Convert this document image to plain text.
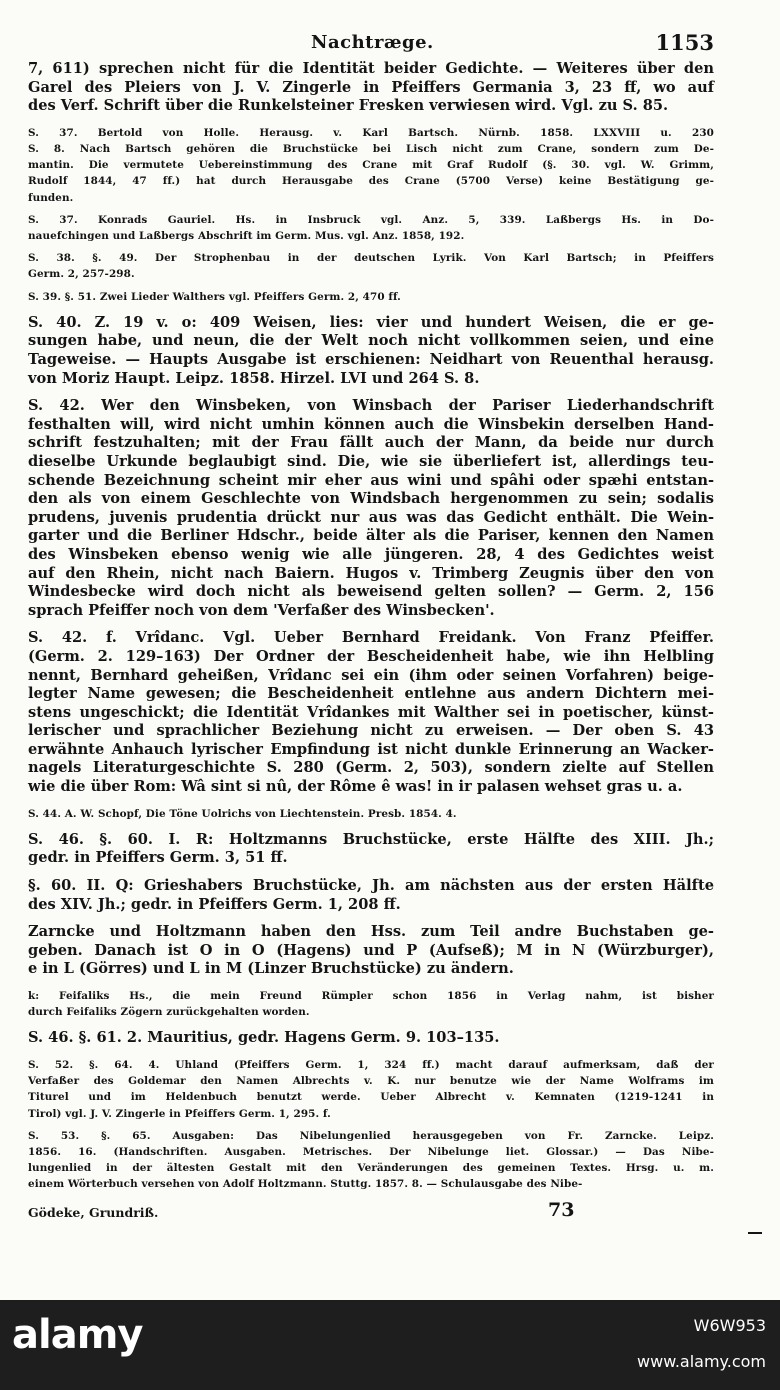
Nachtræge.	1153

7, 611) sprechen nicht für die Identität beider Gedichte. — Weiteres über den

Garel des Pleiers von J. V. Zingerle in Pfeiffers Germania 3, 23 ff, wo auf

des Verf. Schrift über die Runkelsteiner Fresken verwiesen wird. Vgl. zu S. 85.

S. 37. Bertold von Holle. Herausg. v. Karl Bartsch. Nürnb. 1858. LXXVIII u. 230

S. 8. Nach Bartsch gehören die Bruchstücke bei Lisch nicht zum Crane, sondern zum De-

mantin. Die vermutete Uebereinstimmung des Crane mit Graf Rudolf (§. 30. vgl. W. Grimm,

Rudolf 1844, 47 ff.) hat durch Herausgabe des Crane (5700 Verse) keine Bestätigung ge-

funden.

S. 37. Konrads Gauriel. Hs. in Insbruck vgl. Anz. 5, 339. Laßbergs Hs. in Do-

nauefchingen und Laßbergs Abschrift im Germ. Mus. vgl. Anz. 1858, 192.

S. 38. §. 49. Der Strophenbau in der deutschen Lyrik. Von Karl Bartsch; in Pfeiffers

Germ. 2, 257-298.

S. 39. §. 51. Zwei Lieder Walthers vgl. Pfeiffers Germ. 2, 470 ff.

S. 40. Z. 19 v. o: 409 Weisen, lies: vier und hundert Weisen, die er ge-

sungen habe, und neun, die der Welt noch nicht vollkommen seien, und eine

Tageweise. — Haupts Ausgabe ist erschienen: Neidhart von Reuenthal herausg.

von Moriz Haupt. Leipz. 1858. Hirzel. LVI und 264 S. 8.

S. 42. Wer den Winsbeken, von Winsbach der Pariser Liederhandschrift

festhalten will, wird nicht umhin können auch die Winsbekin derselben Hand-

schrift festzuhalten; mit der Frau fällt auch der Mann, da beide nur durch

dieselbe Urkunde beglaubigt sind. Die, wie sie überliefert ist, allerdings teu-

schende Bezeichnung scheint mir eher aus wini und spâhi oder spæhi entstan-

den als von einem Geschlechte von Windsbach hergenommen zu sein; sodalis

prudens, juvenis prudentia drückt nur aus was das Gedicht enthält. Die Wein-

garter und die Berliner Hdschr., beide älter als die Pariser, kennen den Namen

des Winsbeken ebenso wenig wie alle jüngeren. 28, 4 des Gedichtes weist

auf den Rhein, nicht nach Baiern. Hugos v. Trimberg Zeugnis über den von

Windesbecke wird doch nicht als beweisend gelten sollen? — Germ. 2, 156

sprach Pfeiffer noch von dem 'Verfaßer des Winsbecken'.

S. 42. f. Vrîdanc. Vgl. Ueber Bernhard Freidank. Von Franz Pfeiffer.

(Germ. 2. 129–163) Der Ordner der Bescheidenheit habe, wie ihn Helbling

nennt, Bernhard geheißen, Vrîdanc sei ein (ihm oder seinen Vorfahren) beige-

legter Name gewesen; die Bescheidenheit entlehne aus andern Dichtern mei-

stens ungeschickt; die Identität Vrîdankes mit Walther sei in poetischer, künst-

lerischer und sprachlicher Beziehung nicht zu erweisen. — Der oben S. 43

erwähnte Anhauch lyrischer Empfindung ist nicht dunkle Erinnerung an Wacker-

nagels Literaturgeschichte S. 280 (Germ. 2, 503), sondern zielte auf Stellen

wie die über Rom: Wâ sint si nû, der Rôme ê was! in ir palasen wehset gras u. a.

S. 44. A. W. Schopf, Die Töne Uolrichs von Liechtenstein. Presb. 1854. 4.

S. 46. §. 60. I. R: Holtzmanns Bruchstücke, erste Hälfte des XIII. Jh.;

gedr. in Pfeiffers Germ. 3, 51 ff.

§. 60. II. Q: Grieshabers Bruchstücke, Jh. am nächsten aus der ersten Hälfte

des XIV. Jh.; gedr. in Pfeiffers Germ. 1, 208 ff.

Zarncke und Holtzmann haben den Hss. zum Teil andre Buchstaben ge-

geben. Danach ist O in O (Hagens) und P (Aufseß); M in N (Würzburger),

e in L (Görres) und L in M (Linzer Bruchstücke) zu ändern.

k: Feifaliks Hs., die mein Freund Rümpler schon 1856 in Verlag nahm, ist bisher

durch Feifaliks Zögern zurückgehalten worden.

S. 46. §. 61. 2. Mauritius, gedr. Hagens Germ. 9. 103–135.

S. 52. §. 64. 4. Uhland (Pfeiffers Germ. 1, 324 ff.) macht darauf aufmerksam, daß der

Verfaßer des Goldemar den Namen Albrechts v. K. nur benutze wie der Name Wolframs im

Titurel und im Heldenbuch benutzt werde. Ueber Albrecht v. Kemnaten (1219-1241 in

Tirol) vgl. J. V. Zingerle in Pfeiffers Germ. 1, 295. f.

S. 53. §. 65. Ausgaben: Das Nibelungenlied herausgegeben von Fr. Zarncke. Leipz.

1856. 16. (Handschriften. Ausgaben. Metrisches. Der Nibelunge liet. Glossar.) — Das Nibe-

lungenlied in der ältesten Gestalt mit den Veränderungen des gemeinen Textes. Hrsg. u. m.

einem Wörterbuch versehen von Adolf Holtzmann. Stuttg. 1857. 8. — Schulausgabe des Nibe-

Gödeke, Grundriß.	73
alamy	W6W953
www.alamy.com
